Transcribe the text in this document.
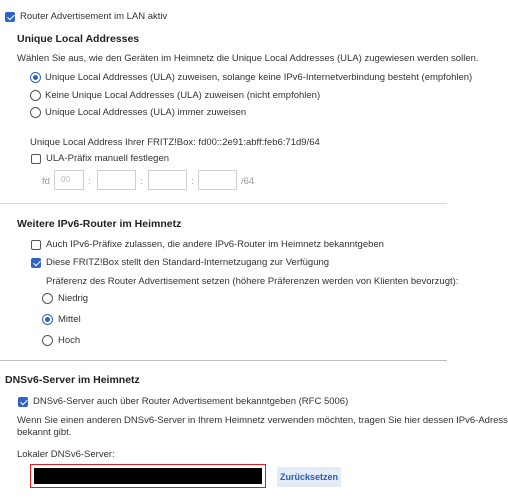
Router Advertisement im LAN aktiv
Unique Local Addresses
Wählen Sie aus, wie den Geräten im Heimnetz die Unique Local Addresses (ULA) zugewiesen werden sollen.
Unique Local Addresses (ULA) zuweisen, solange keine IPv6-Internetverbindung besteht (empfohlen)
Keine Unique Local Addresses (ULA) zuweisen (nicht empfohlen)
Unique Local Addresses (ULA) immer zuweisen
Unique Local Address Ihrer FRITZ!Box: fd00::2e91:abff:feb6:71d9/64
ULA-Präfix manuell festlegen
fd	00	:	:	:	/64
Weitere IPv6-Router im Heimnetz
Auch IPv6-Präfixe zulassen, die andere IPv6-Router im Heimnetz bekanntgeben
Diese FRITZ!Box stellt den Standard-Internetzugang zur Verfügung
Präferenz des Router Advertisement setzen (höhere Präferenzen werden von Klienten bevorzugt):
Niedrig
Mittel
Hoch
DNSv6-Server im Heimnetz
DNSv6-Server auch über Router Advertisement bekanntgeben (RFC 5006)
Wenn Sie einen anderen DNSv6-Server in Ihrem Heimnetz verwenden möchten, tragen Sie hier dessen IPv6-Adress
bekannt gibt.
Lokaler DNSv6-Server:
Zurücksetzen
